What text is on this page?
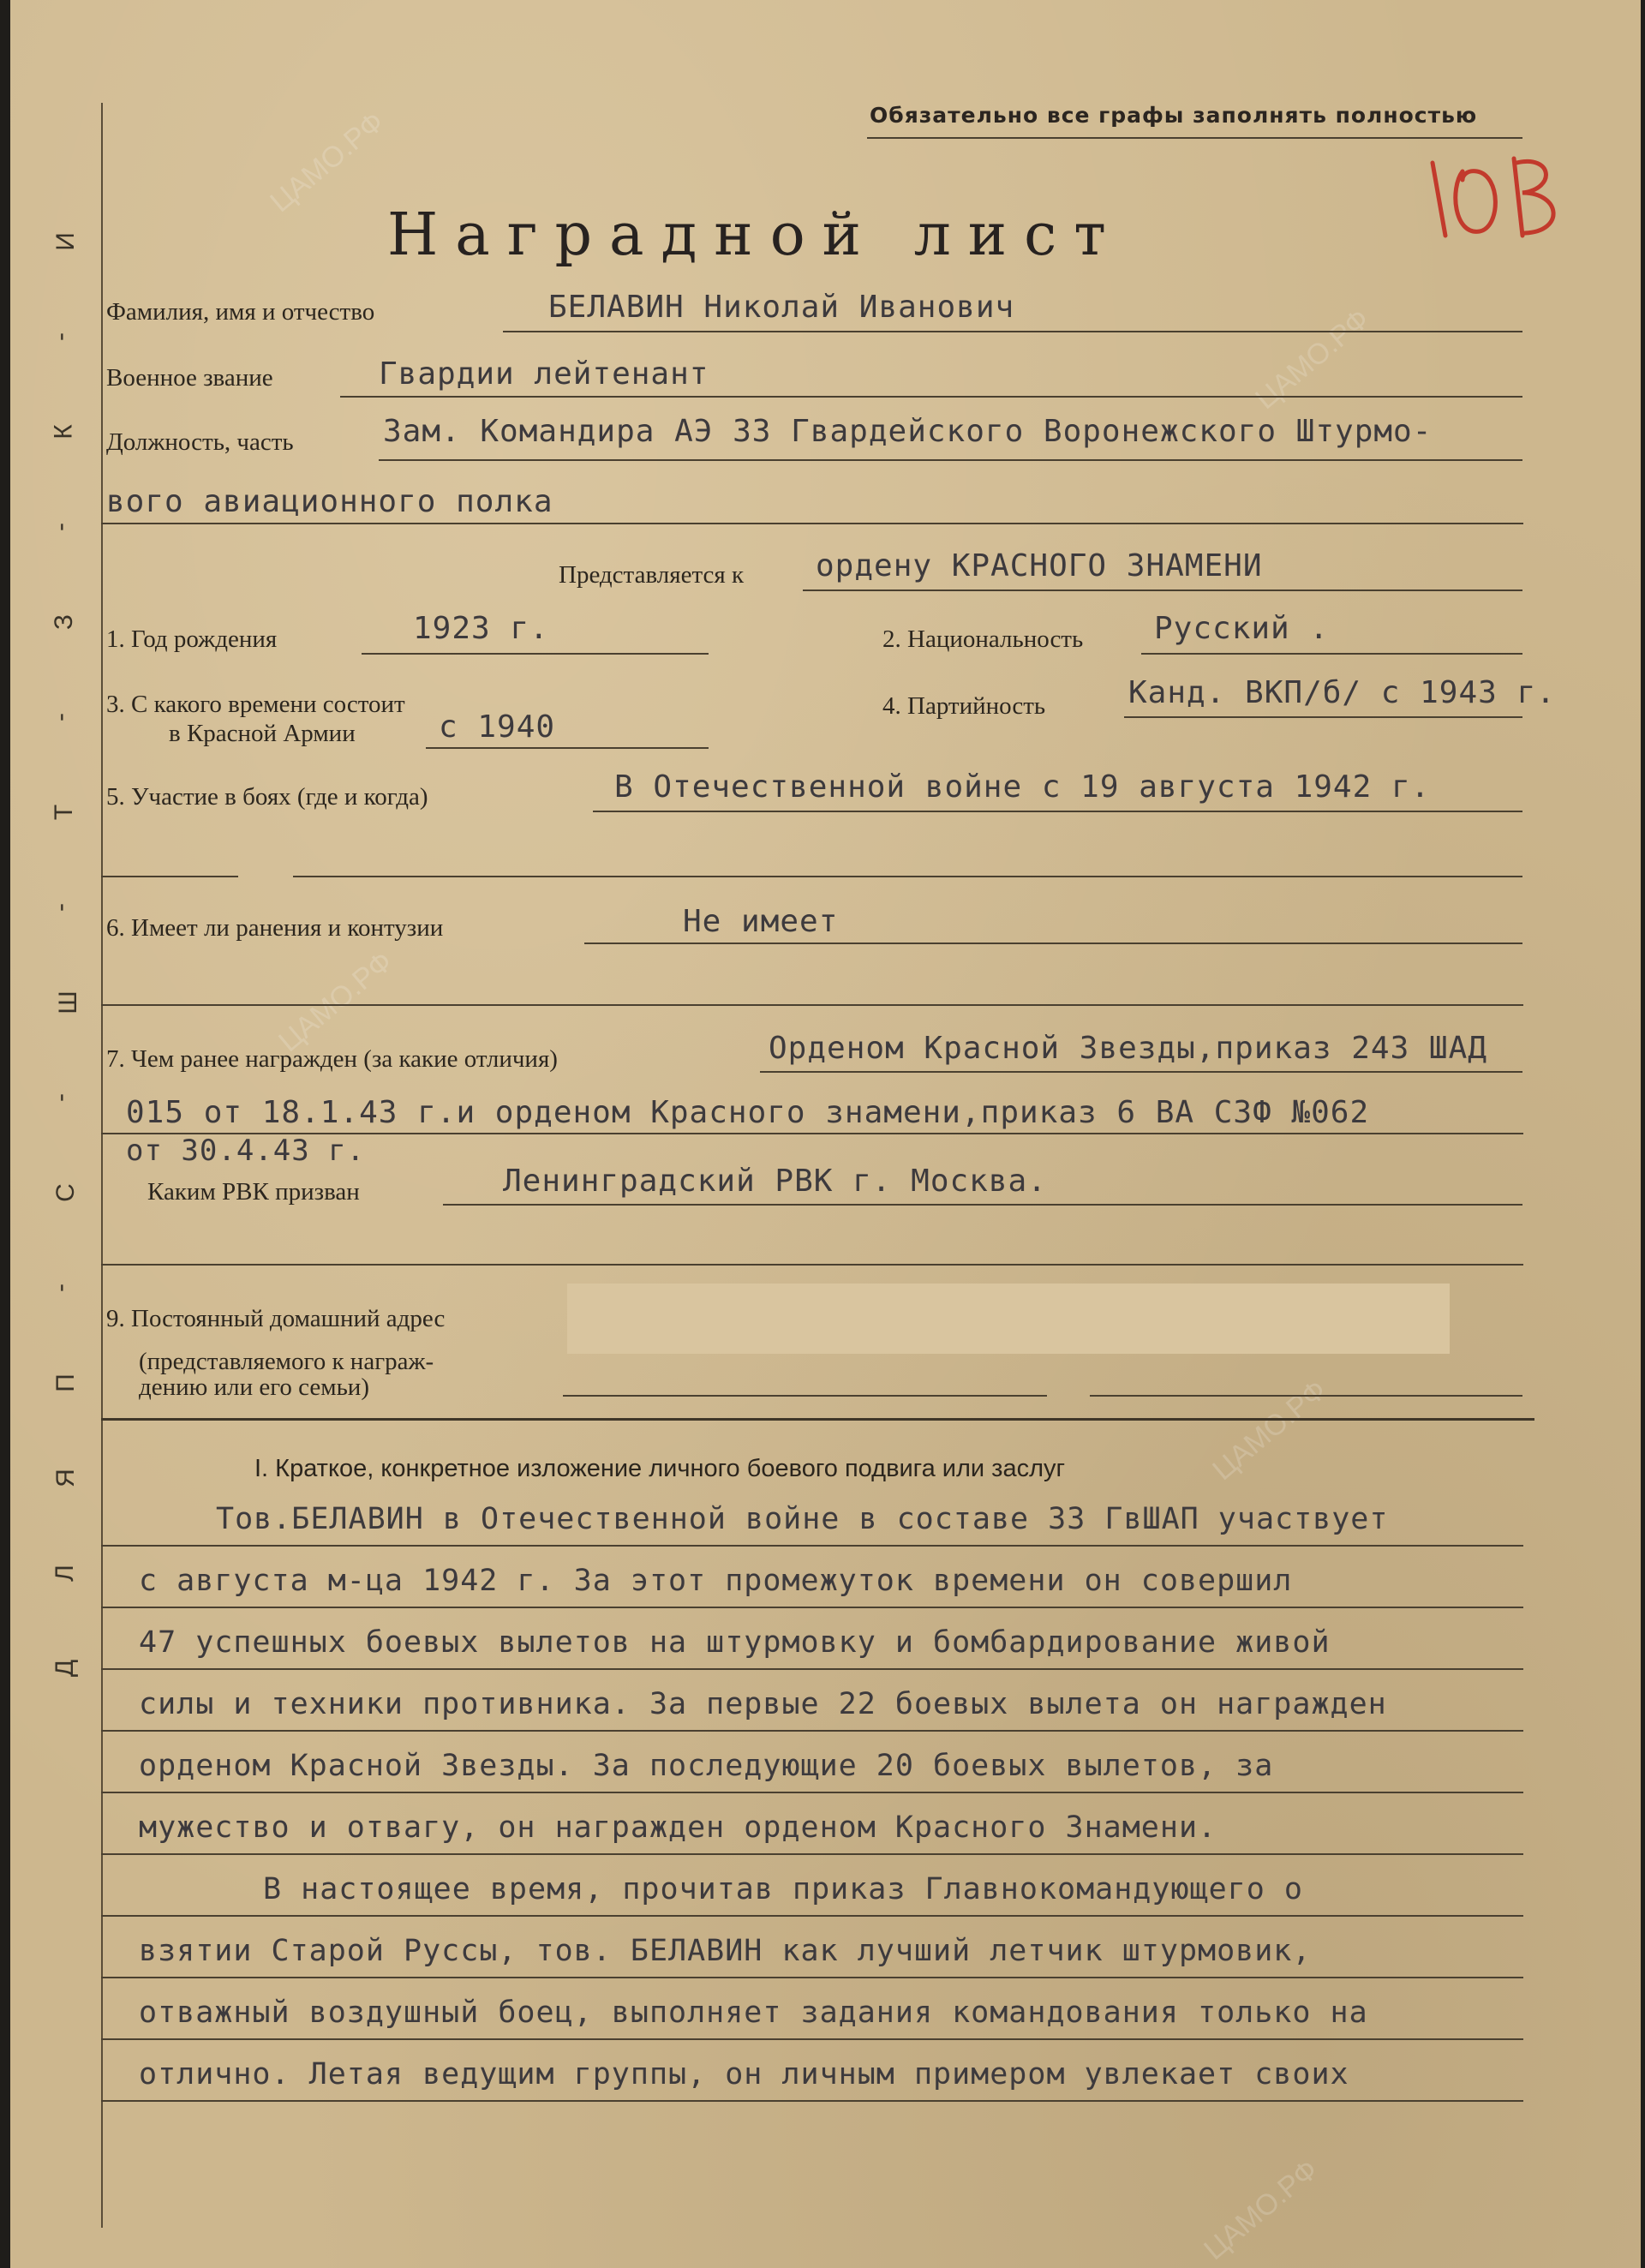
ЦАМО.РФ
ЦАМО.РФ
ЦАМО.РФ
ЦАМО.РФ
ЦАМО.РФ
Д
Л
Я
П
-
С
-
Ш
-
Т
-
З
-
К
-
И
Обязательно все графы заполнять полностью
Наградной лист
Фамилия, имя и отчество	БЕЛАВИН Николай Иванович
Военное звание	Гвардии лейтенант
Должность, часть	Зам. Командира АЭ 33 Гвардейского Воронежского Штурмо-
вого авиационного полка
Представляется к ордену КРАСНОГО ЗНАМЕНИ
1. Год рождения	1923 г.	2. Национальность Русский .
3. С какого времени состоит
в Красной Армии	с 1940
4. Партийность	Канд. ВКП/б/ с 1943 г.
5. Участие в боях (где и когда)	В Отечественной войне с 19 августа 1942 г.
6. Имеет ли ранения и контузии	Не имеет
7. Чем ранее награжден (за какие отличия)	Орденом Красной Звезды,приказ 243 ШАД
015 от 18.1.43 г.и орденом Красного знамени,приказ 6 ВА СЗФ №062
от 30.4.43 г.
Каким РВК призван	Ленинградский РВК г. Москва.
9. Постоянный домашний адрес
(представляемого к награж-
дению или его семьи)
I. Краткое, конкретное изложение личного боевого подвига или заслуг
Тов.БЕЛАВИН в Отечественной войне в составе 33 ГвШАП участвует
с августа м-ца 1942 г. За этот промежуток времени он совершил
47 успешных боевых вылетов на штурмовку и бомбардирование живой
силы и техники противника. За первые 22 боевых вылета он награжден
орденом Красной Звезды. За последующие 20 боевых вылетов, за
мужество и отвагу, он награжден орденом Красного Знамени.
В настоящее время, прочитав приказ Главнокомандующего о
взятии Старой Руссы, тов. БЕЛАВИН как лучший летчик штурмовик,
отважный воздушный боец, выполняет задания командования только на
отлично. Летая ведущим группы, он личным примером увлекает своих
